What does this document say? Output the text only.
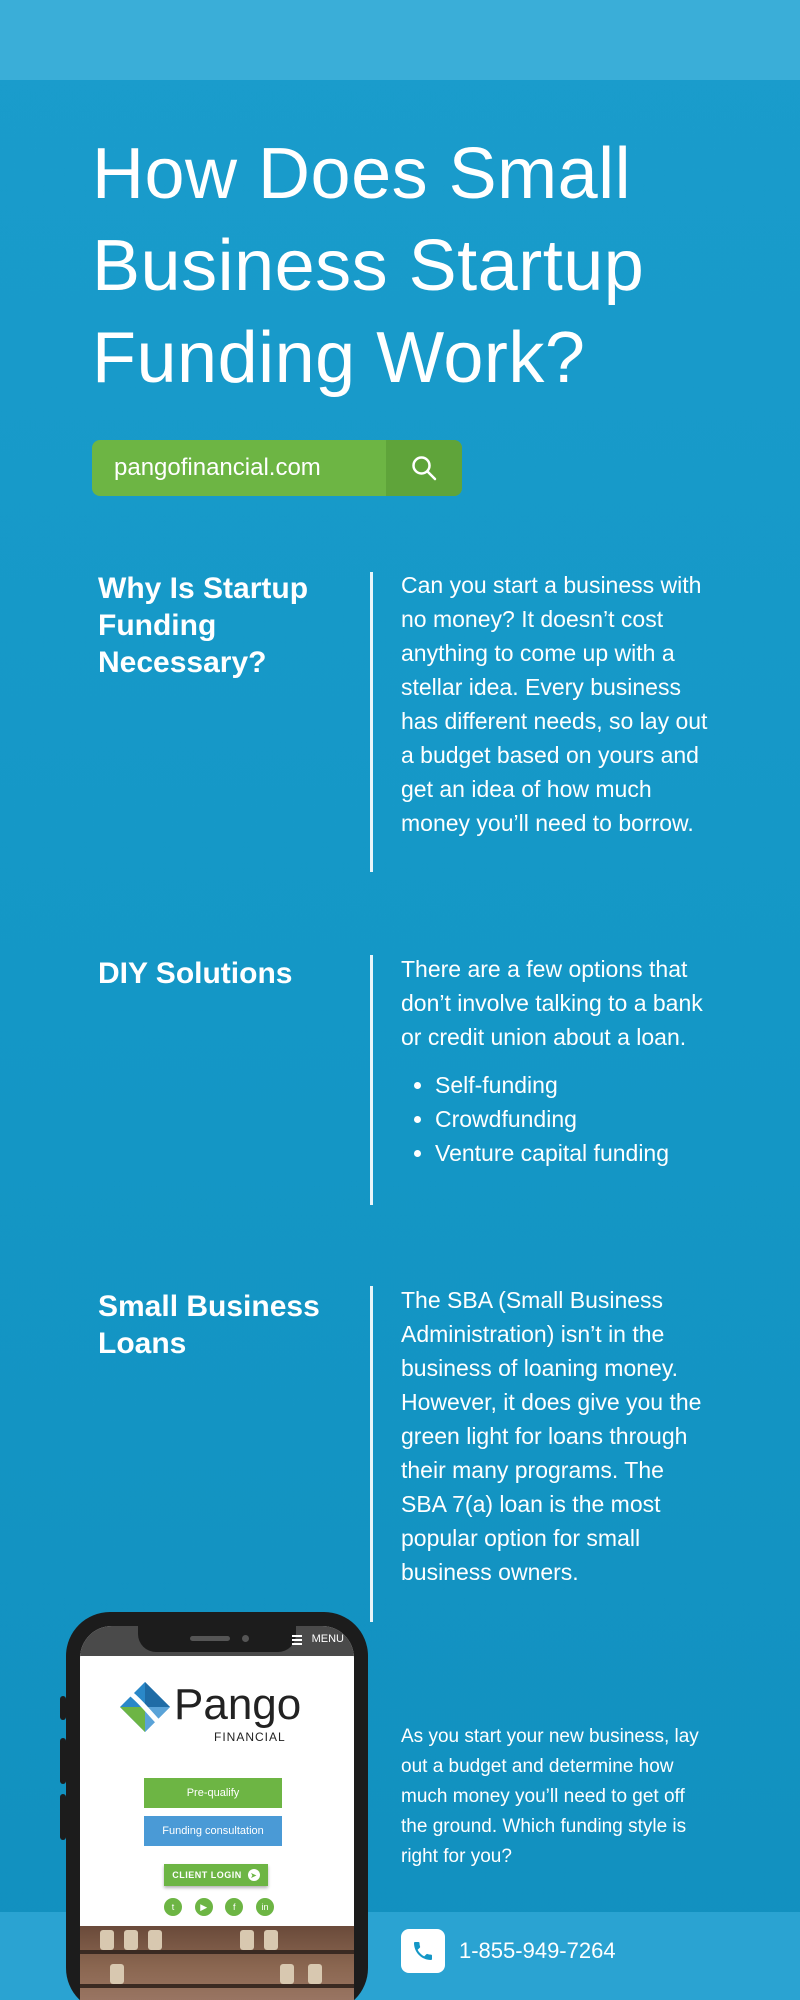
How Does Small Business Startup Funding Work?
pangofinancial.com
Why Is Startup Funding Necessary?

Can you start a business with no money? It doesn’t cost anything to come up with a stellar idea. Every business has different needs, so lay out a budget based on yours and get an idea of how much money you’ll need to borrow.

DIY Solutions	There are a few options that don’t involve talking to a bank or credit union about a loan.

• Self-funding
• Crowdfunding
• Venture capital funding
Small Business Loans

The SBA (Small Business Administration) isn’t in the business of loaning money. However, it does give you the green light for loans through their many programs. The SBA 7(a) loan is the most popular option for small business owners.

As you start your new business, lay out a budget and determine how much money you’ll need to get off the ground. Which funding style is right for you?

1-855-949-7264
MENU
Pango
FINANCIAL
Pre-qualify
Funding consultation
CLIENT LOGIN ➤
t	▶	f	in
